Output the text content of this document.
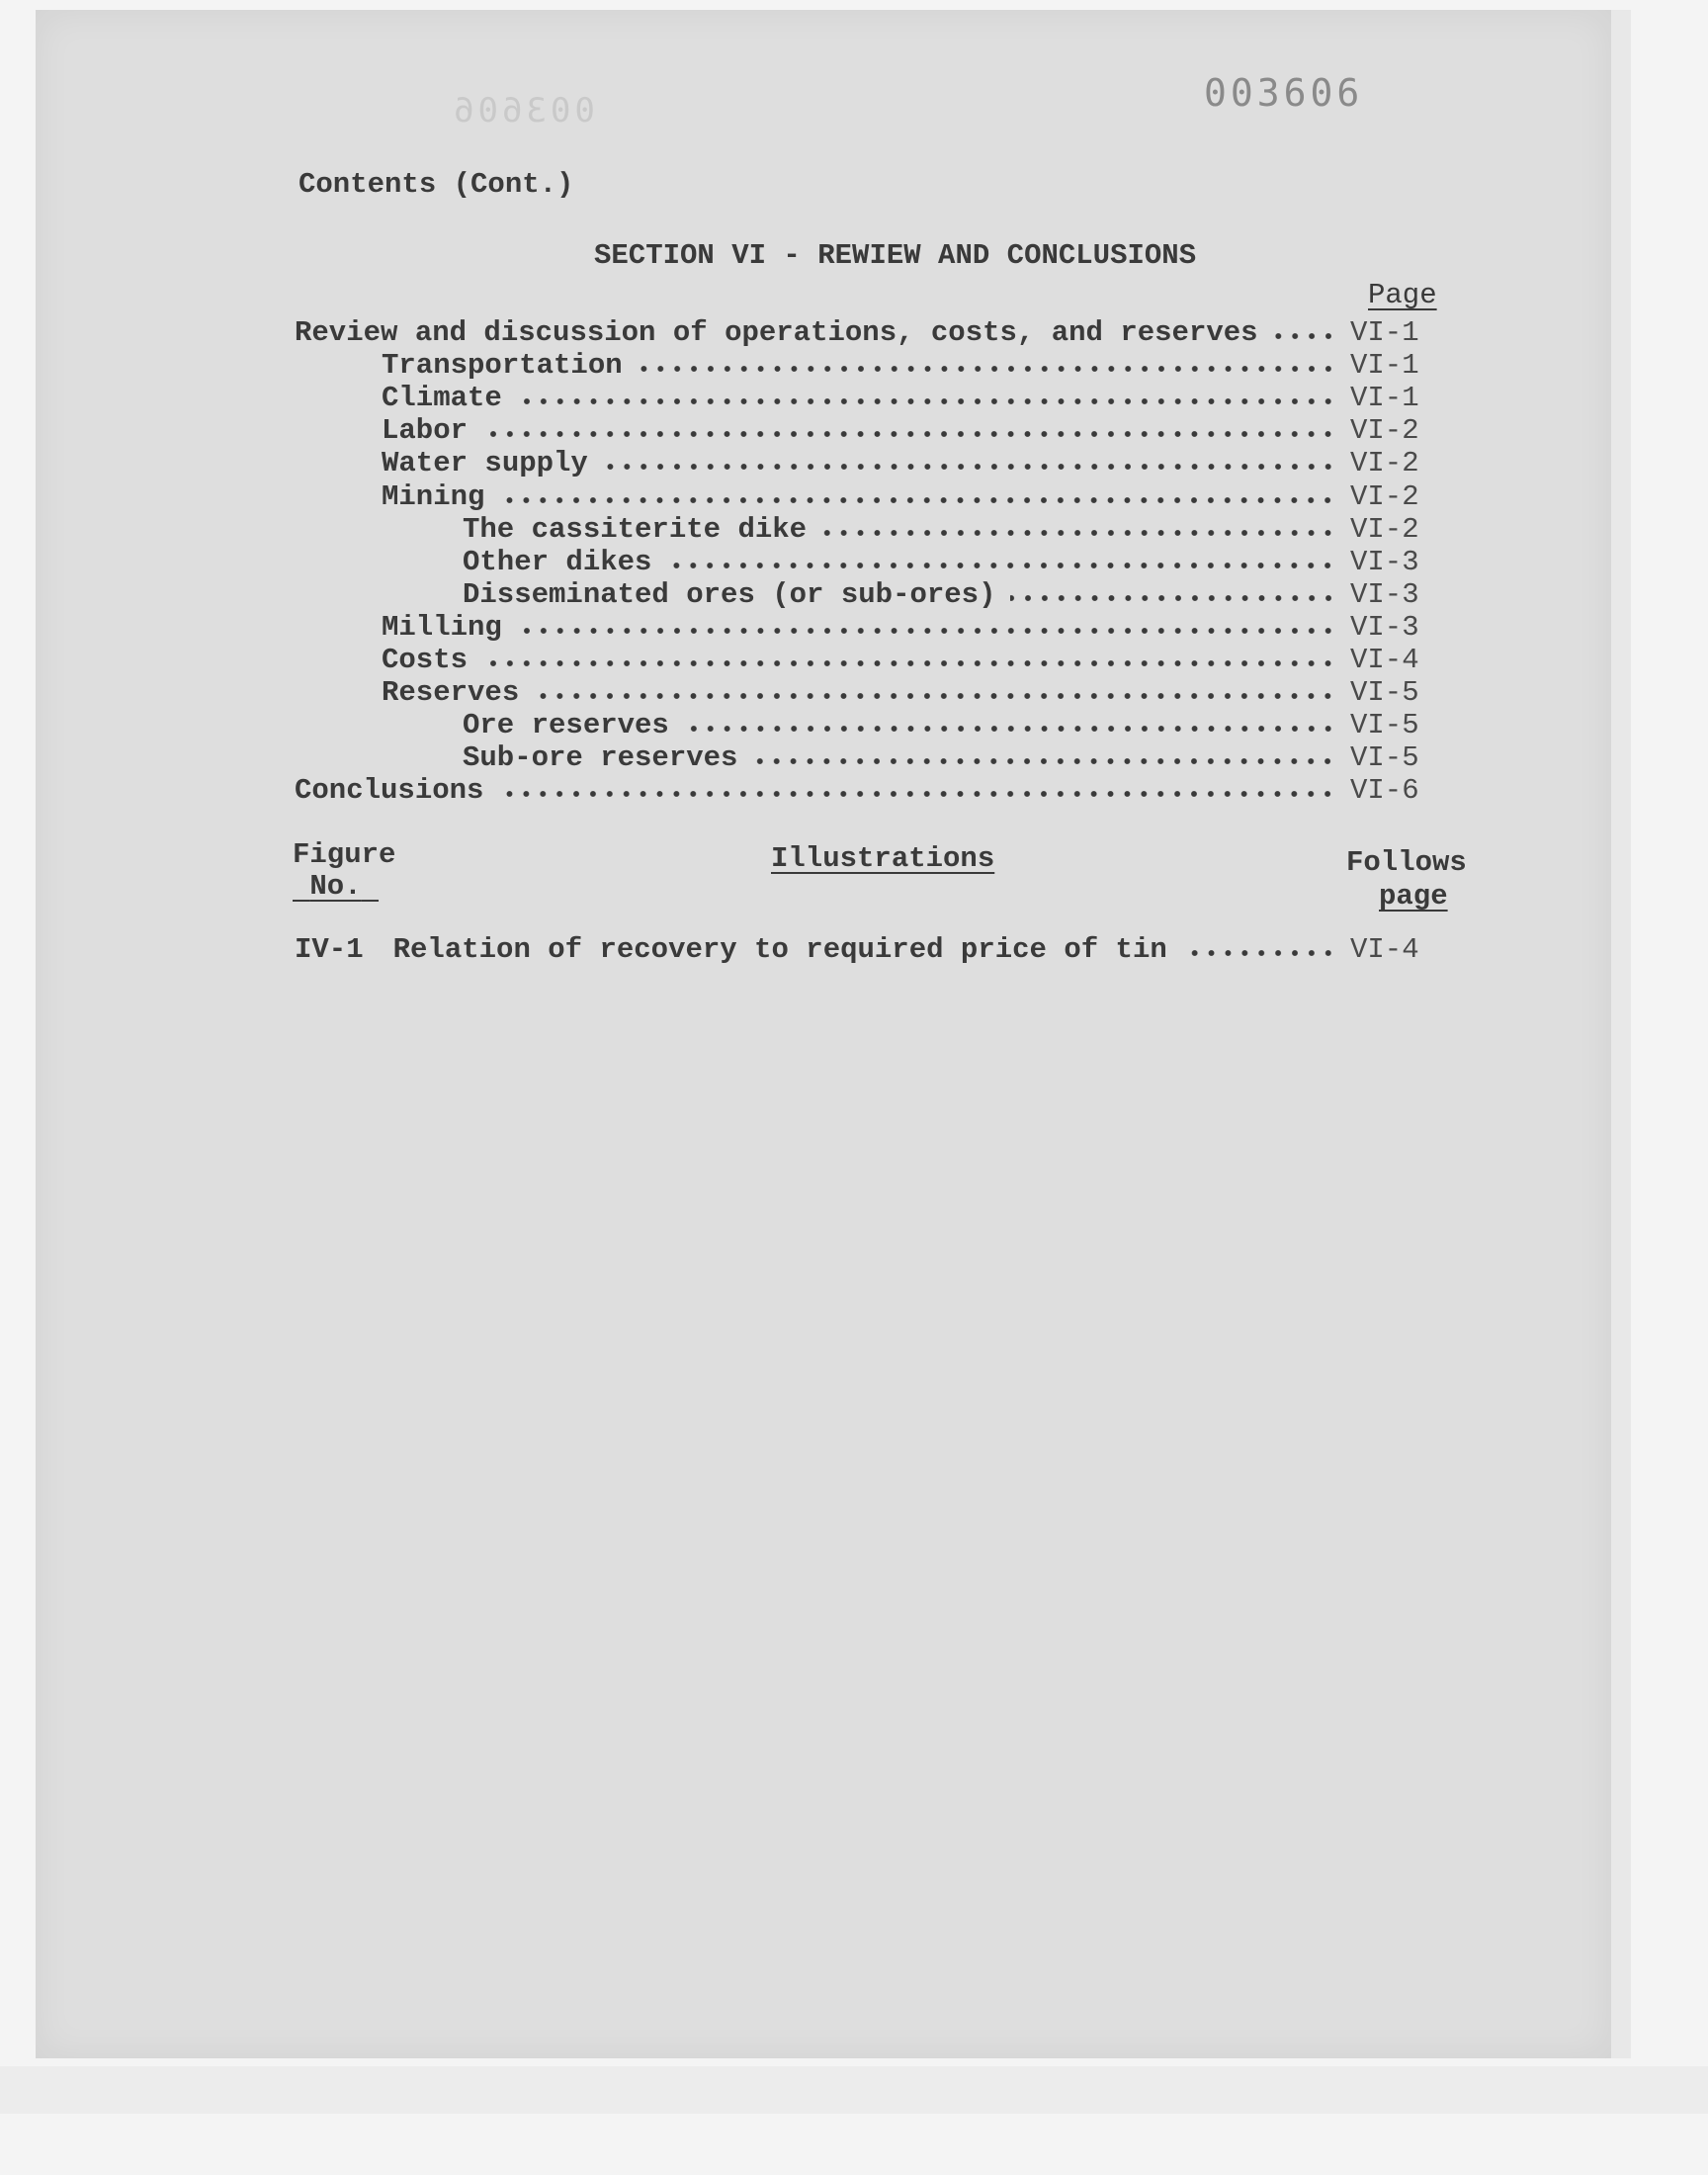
003606	003606
Contents (Cont.)
SECTION VI - REWIEW AND CONCLUSIONS
Page
Review and discussion of operations, costs, and reserves	VI-1
Transportation	VI-1
Climate	VI-1
Labor	VI-2
Water supply	VI-2
Mining	VI-2
The cassiterite dike	VI-2
Other dikes	VI-3
Disseminated ores (or sub-ores)	VI-3
Milling	VI-3
Costs	VI-4
Reserves	VI-5
Ore reserves	VI-5
Sub-ore reserves	VI-5
Conclusions	VI-6
Figure
No.
Illustrations	Follows
page
IV-1 Relation of recovery to required price of tin	VI-4
